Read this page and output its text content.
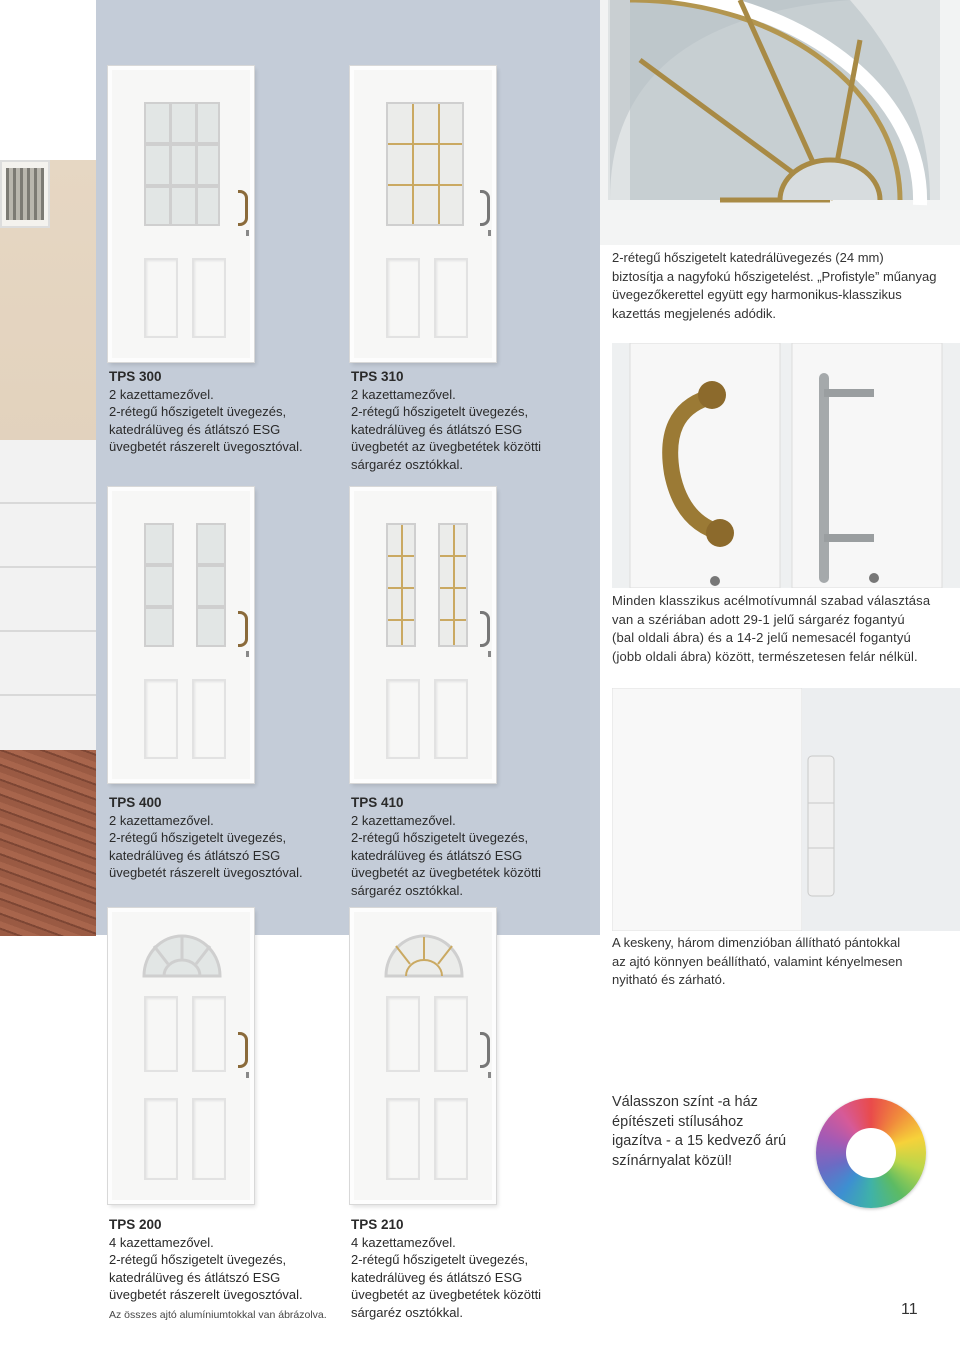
TPS 300
2 kazettamezővel.
2-rétegű hőszigetelt üvegezés,
katedrálüveg és átlátszó ESG
üvegbetét rászerelt üvegosztóval.
TPS 310
2 kazettamezővel.
2-rétegű hőszigetelt üvegezés,
katedrálüveg és átlátszó ESG
üvegbetét az üvegbetétek közötti
sárgaréz osztókkal.
TPS 400
2 kazettamezővel.
2-rétegű hőszigetelt üvegezés,
katedrálüveg és átlátszó ESG
üvegbetét rászerelt üvegosztóval.
TPS 410
2 kazettamezővel.
2-rétegű hőszigetelt üvegezés,
katedrálüveg és átlátszó ESG
üvegbetét az üvegbetétek közötti
sárgaréz osztókkal.
TPS 200
4 kazettamezővel.
2-rétegű hőszigetelt üvegezés,
katedrálüveg és átlátszó ESG
üvegbetét rászerelt üvegosztóval.
TPS 210
4 kazettamezővel.
2-rétegű hőszigetelt üvegezés,
katedrálüveg és átlátszó ESG
üvegbetét az üvegbetétek közötti
sárgaréz osztókkal.
2-rétegű hőszigetelt katedrálüvegezés (24 mm)
biztosítja a nagyfokú hőszigetelést. „Profistyle” műanyag
üvegezőkerettel együtt egy harmonikus-klasszikus
kazettás megjelenés adódik.
Minden klasszikus acélmotívumnál szabad választása
van a szériában adott 29-1 jelű sárgaréz fogantyú
(bal oldali ábra) és a 14-2 jelű nemesacél fogantyú
(jobb oldali ábra) között, természetesen felár nélkül.
A keskeny, három dimenzióban állítható pántokkal
az ajtó könnyen beállítható, valamint kényelmesen
nyitható és zárható.
Válasszon színt -a ház
építészeti stílusához
igazítva - a 15 kedvező árú
színárnyalat közül!
Az összes ajtó alumíniumtokkal van ábrázolva.	11
